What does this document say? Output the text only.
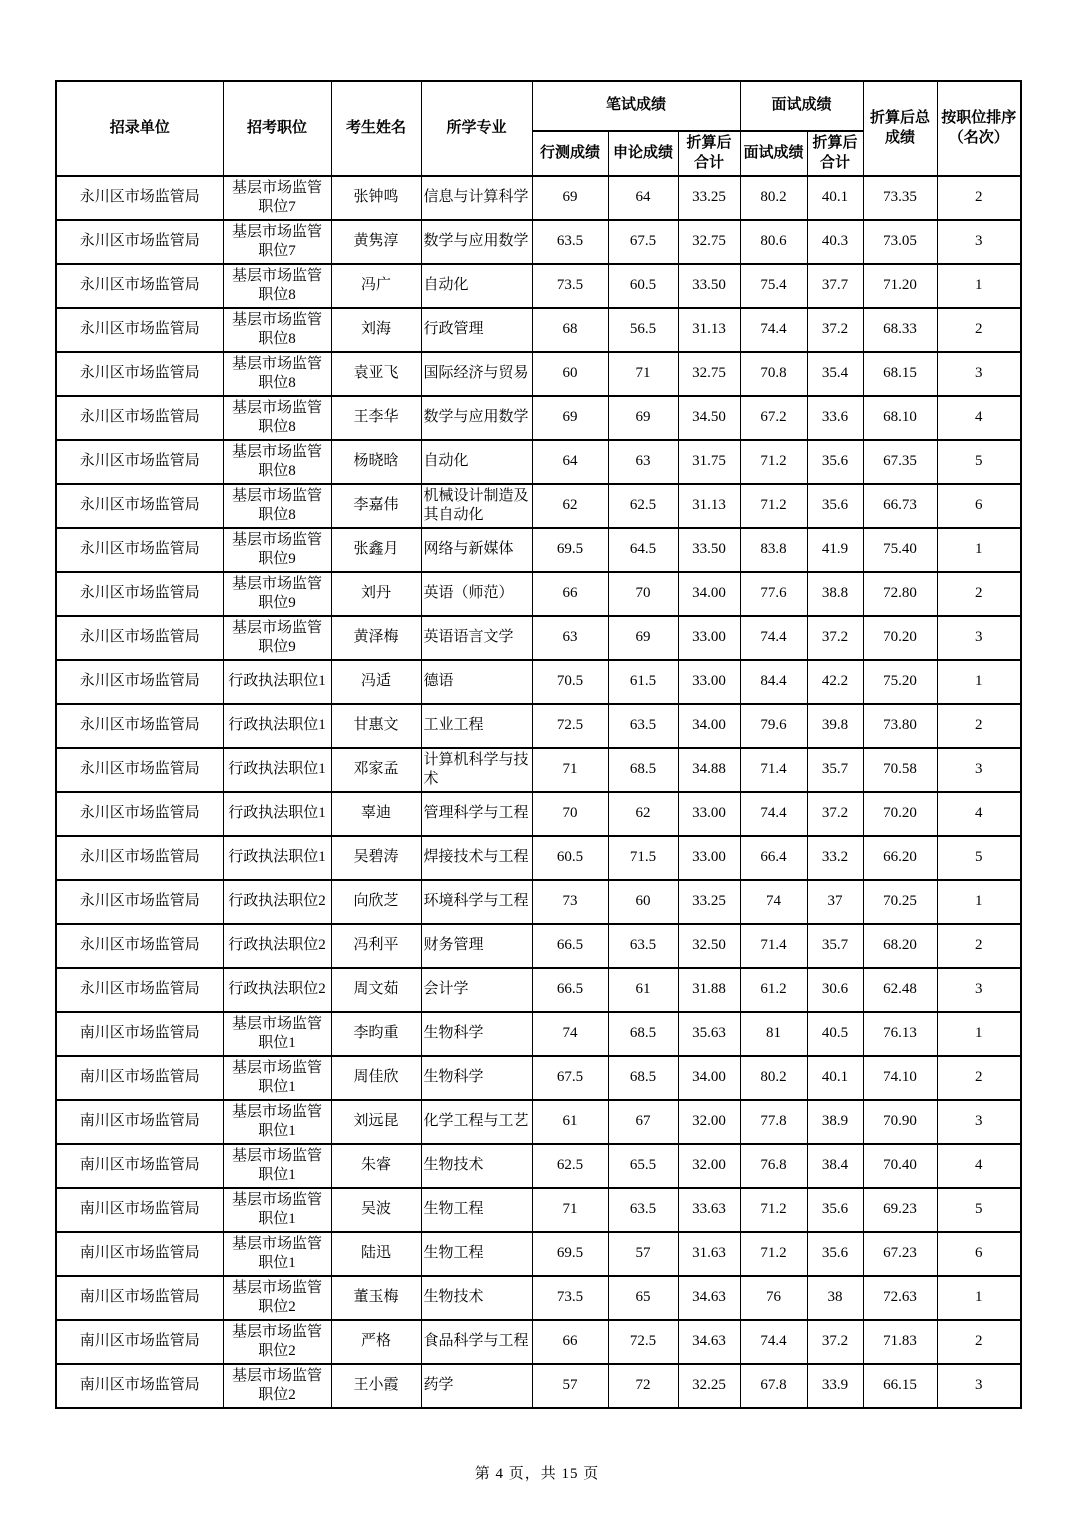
招录单位	招考职位	考生姓名	所学专业	笔试成绩			面试成绩		折算后总成绩	按职位排序（名次）
				行测成绩	申论成绩	折算后合计	面试成绩	折算后合计		
永川区市场监管局	基层市场监管职位7	张钟鸣	信息与计算科学	69	64	33.25	80.2	40.1	73.35	2
永川区市场监管局	基层市场监管职位7	黄隽淳	数学与应用数学	63.5	67.5	32.75	80.6	40.3	73.05	3
永川区市场监管局	基层市场监管职位8	冯广	自动化	73.5	60.5	33.50	75.4	37.7	71.20	1
永川区市场监管局	基层市场监管职位8	刘海	行政管理	68	56.5	31.13	74.4	37.2	68.33	2
永川区市场监管局	基层市场监管职位8	袁亚飞	国际经济与贸易	60	71	32.75	70.8	35.4	68.15	3
永川区市场监管局	基层市场监管职位8	王李华	数学与应用数学	69	69	34.50	67.2	33.6	68.10	4
永川区市场监管局	基层市场监管职位8	杨晓晗	自动化	64	63	31.75	71.2	35.6	67.35	5
永川区市场监管局	基层市场监管职位8	李嘉伟	机械设计制造及其自动化	62	62.5	31.13	71.2	35.6	66.73	6
永川区市场监管局	基层市场监管职位9	张鑫月	网络与新媒体	69.5	64.5	33.50	83.8	41.9	75.40	1
永川区市场监管局	基层市场监管职位9	刘丹	英语（师范）	66	70	34.00	77.6	38.8	72.80	2
永川区市场监管局	基层市场监管职位9	黄泽梅	英语语言文学	63	69	33.00	74.4	37.2	70.20	3
永川区市场监管局	行政执法职位1	冯适	德语	70.5	61.5	33.00	84.4	42.2	75.20	1
永川区市场监管局	行政执法职位1	甘惠文	工业工程	72.5	63.5	34.00	79.6	39.8	73.80	2
永川区市场监管局	行政执法职位1	邓家孟	计算机科学与技术	71	68.5	34.88	71.4	35.7	70.58	3
永川区市场监管局	行政执法职位1	辜迪	管理科学与工程	70	62	33.00	74.4	37.2	70.20	4
永川区市场监管局	行政执法职位1	吴碧涛	焊接技术与工程	60.5	71.5	33.00	66.4	33.2	66.20	5
永川区市场监管局	行政执法职位2	向欣芝	环境科学与工程	73	60	33.25	74	37	70.25	1
永川区市场监管局	行政执法职位2	冯利平	财务管理	66.5	63.5	32.50	71.4	35.7	68.20	2
永川区市场监管局	行政执法职位2	周文茹	会计学	66.5	61	31.88	61.2	30.6	62.48	3
南川区市场监管局	基层市场监管职位1	李昀重	生物科学	74	68.5	35.63	81	40.5	76.13	1
南川区市场监管局	基层市场监管职位1	周佳欣	生物科学	67.5	68.5	34.00	80.2	40.1	74.10	2
南川区市场监管局	基层市场监管职位1	刘远昆	化学工程与工艺	61	67	32.00	77.8	38.9	70.90	3
南川区市场监管局	基层市场监管职位1	朱睿	生物技术	62.5	65.5	32.00	76.8	38.4	70.40	4
南川区市场监管局	基层市场监管职位1	吴波	生物工程	71	63.5	33.63	71.2	35.6	69.23	5
南川区市场监管局	基层市场监管职位1	陆迅	生物工程	69.5	57	31.63	71.2	35.6	67.23	6
南川区市场监管局	基层市场监管职位2	董玉梅	生物技术	73.5	65	34.63	76	38	72.63	1
南川区市场监管局	基层市场监管职位2	严格	食品科学与工程	66	72.5	34.63	74.4	37.2	71.83	2
南川区市场监管局	基层市场监管职位2	王小霞	药学	57	72	32.25	67.8	33.9	66.15	3
第 4 页，共 15 页
